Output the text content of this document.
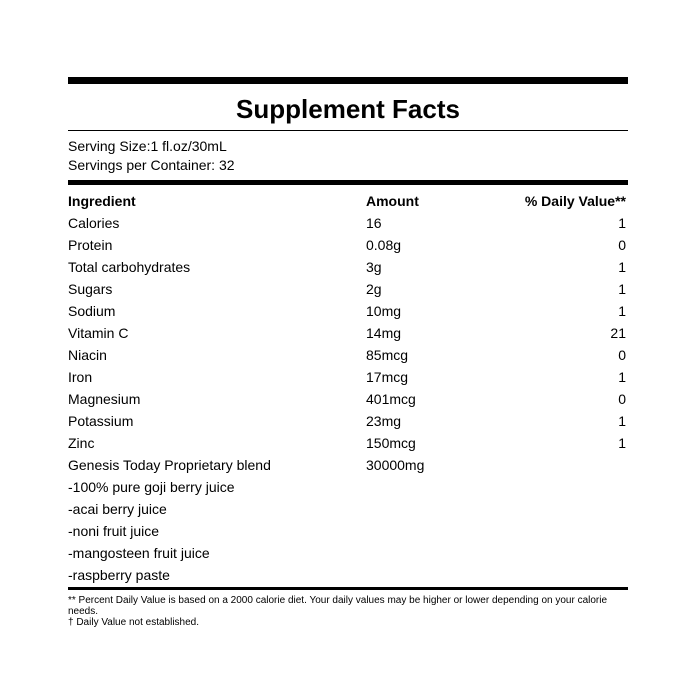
Supplement Facts
Serving Size:1 fl.oz/30mL
Servings per Container: 32
Ingredient	Amount	% Daily Value**
Calories	16	1
Protein	0.08g	0
Total carbohydrates	3g	1
Sugars	2g	1
Sodium	10mg	1
Vitamin C	14mg	21
Niacin	85mcg	0
Iron	17mcg	1
Magnesium	401mcg	0
Potassium	23mg	1
Zinc	150mcg	1
Genesis Today Proprietary blend	30000mg
-100% pure goji berry juice
-acai berry juice
-noni fruit juice
-mangosteen fruit juice
-raspberry paste
** Percent Daily Value is based on a 2000 calorie diet. Your daily values may be higher or lower depending on your calorie needs.
† Daily Value not established.
